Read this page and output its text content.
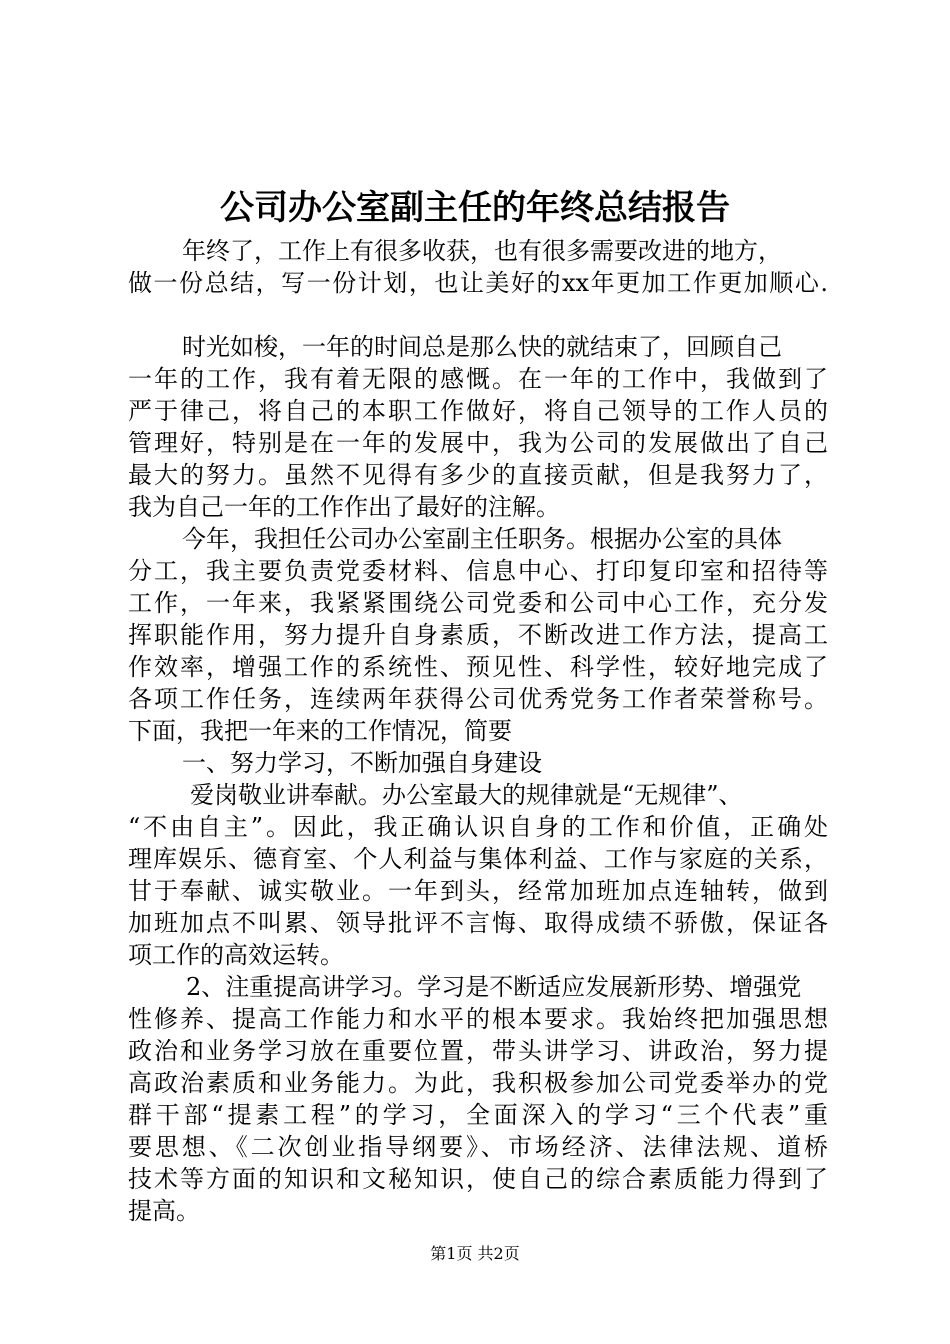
公司办公室副主任的年终总结报告
年终了，工作上有很多收获，也有很多需要改进的地方，
做一份总结，写一份计划，也让美好的xx年更加工作更加顺心.
时光如梭，一年的时间总是那么快的就结束了，回顾自己
一年的工作，我有着无限的感慨。在一年的工作中，我做到了
严于律己，将自己的本职工作做好，将自己领导的工作人员的
管理好，特别是在一年的发展中，我为公司的发展做出了自己
最大的努力。虽然不见得有多少的直接贡献，但是我努力了，
我为自己一年的工作作出了最好的注解。
今年，我担任公司办公室副主任职务。根据办公室的具体
分工，我主要负责党委材料、信息中心、打印复印室和招待等
工作，一年来，我紧紧围绕公司党委和公司中心工作，充分发
挥职能作用，努力提升自身素质，不断改进工作方法，提高工
作效率，增强工作的系统性、预见性、科学性，较好地完成了
各项工作任务，连续两年获得公司优秀党务工作者荣誉称号。
下面，我把一年来的工作情况，简要
一、努力学习，不断加强自身建设
爱岗敬业讲奉献。办公室最大的规律就是“无规律”、
“不由自主”。因此，我正确认识自身的工作和价值，正确处
理库娱乐、德育室、个人利益与集体利益、工作与家庭的关系，
甘于奉献、诚实敬业。一年到头，经常加班加点连轴转，做到
加班加点不叫累、领导批评不言悔、取得成绩不骄傲，保证各
项工作的高效运转。
2、注重提高讲学习。学习是不断适应发展新形势、增强党
性修养、提高工作能力和水平的根本要求。我始终把加强思想
政治和业务学习放在重要位置，带头讲学习、讲政治，努力提
高政治素质和业务能力。为此，我积极参加公司党委举办的党
群干部“提素工程”的学习，全面深入的学习“三个代表”重
要思想、《二次创业指导纲要》、市场经济、法律法规、道桥
技术等方面的知识和文秘知识，使自己的综合素质能力得到了
提高。
第1页 共2页
